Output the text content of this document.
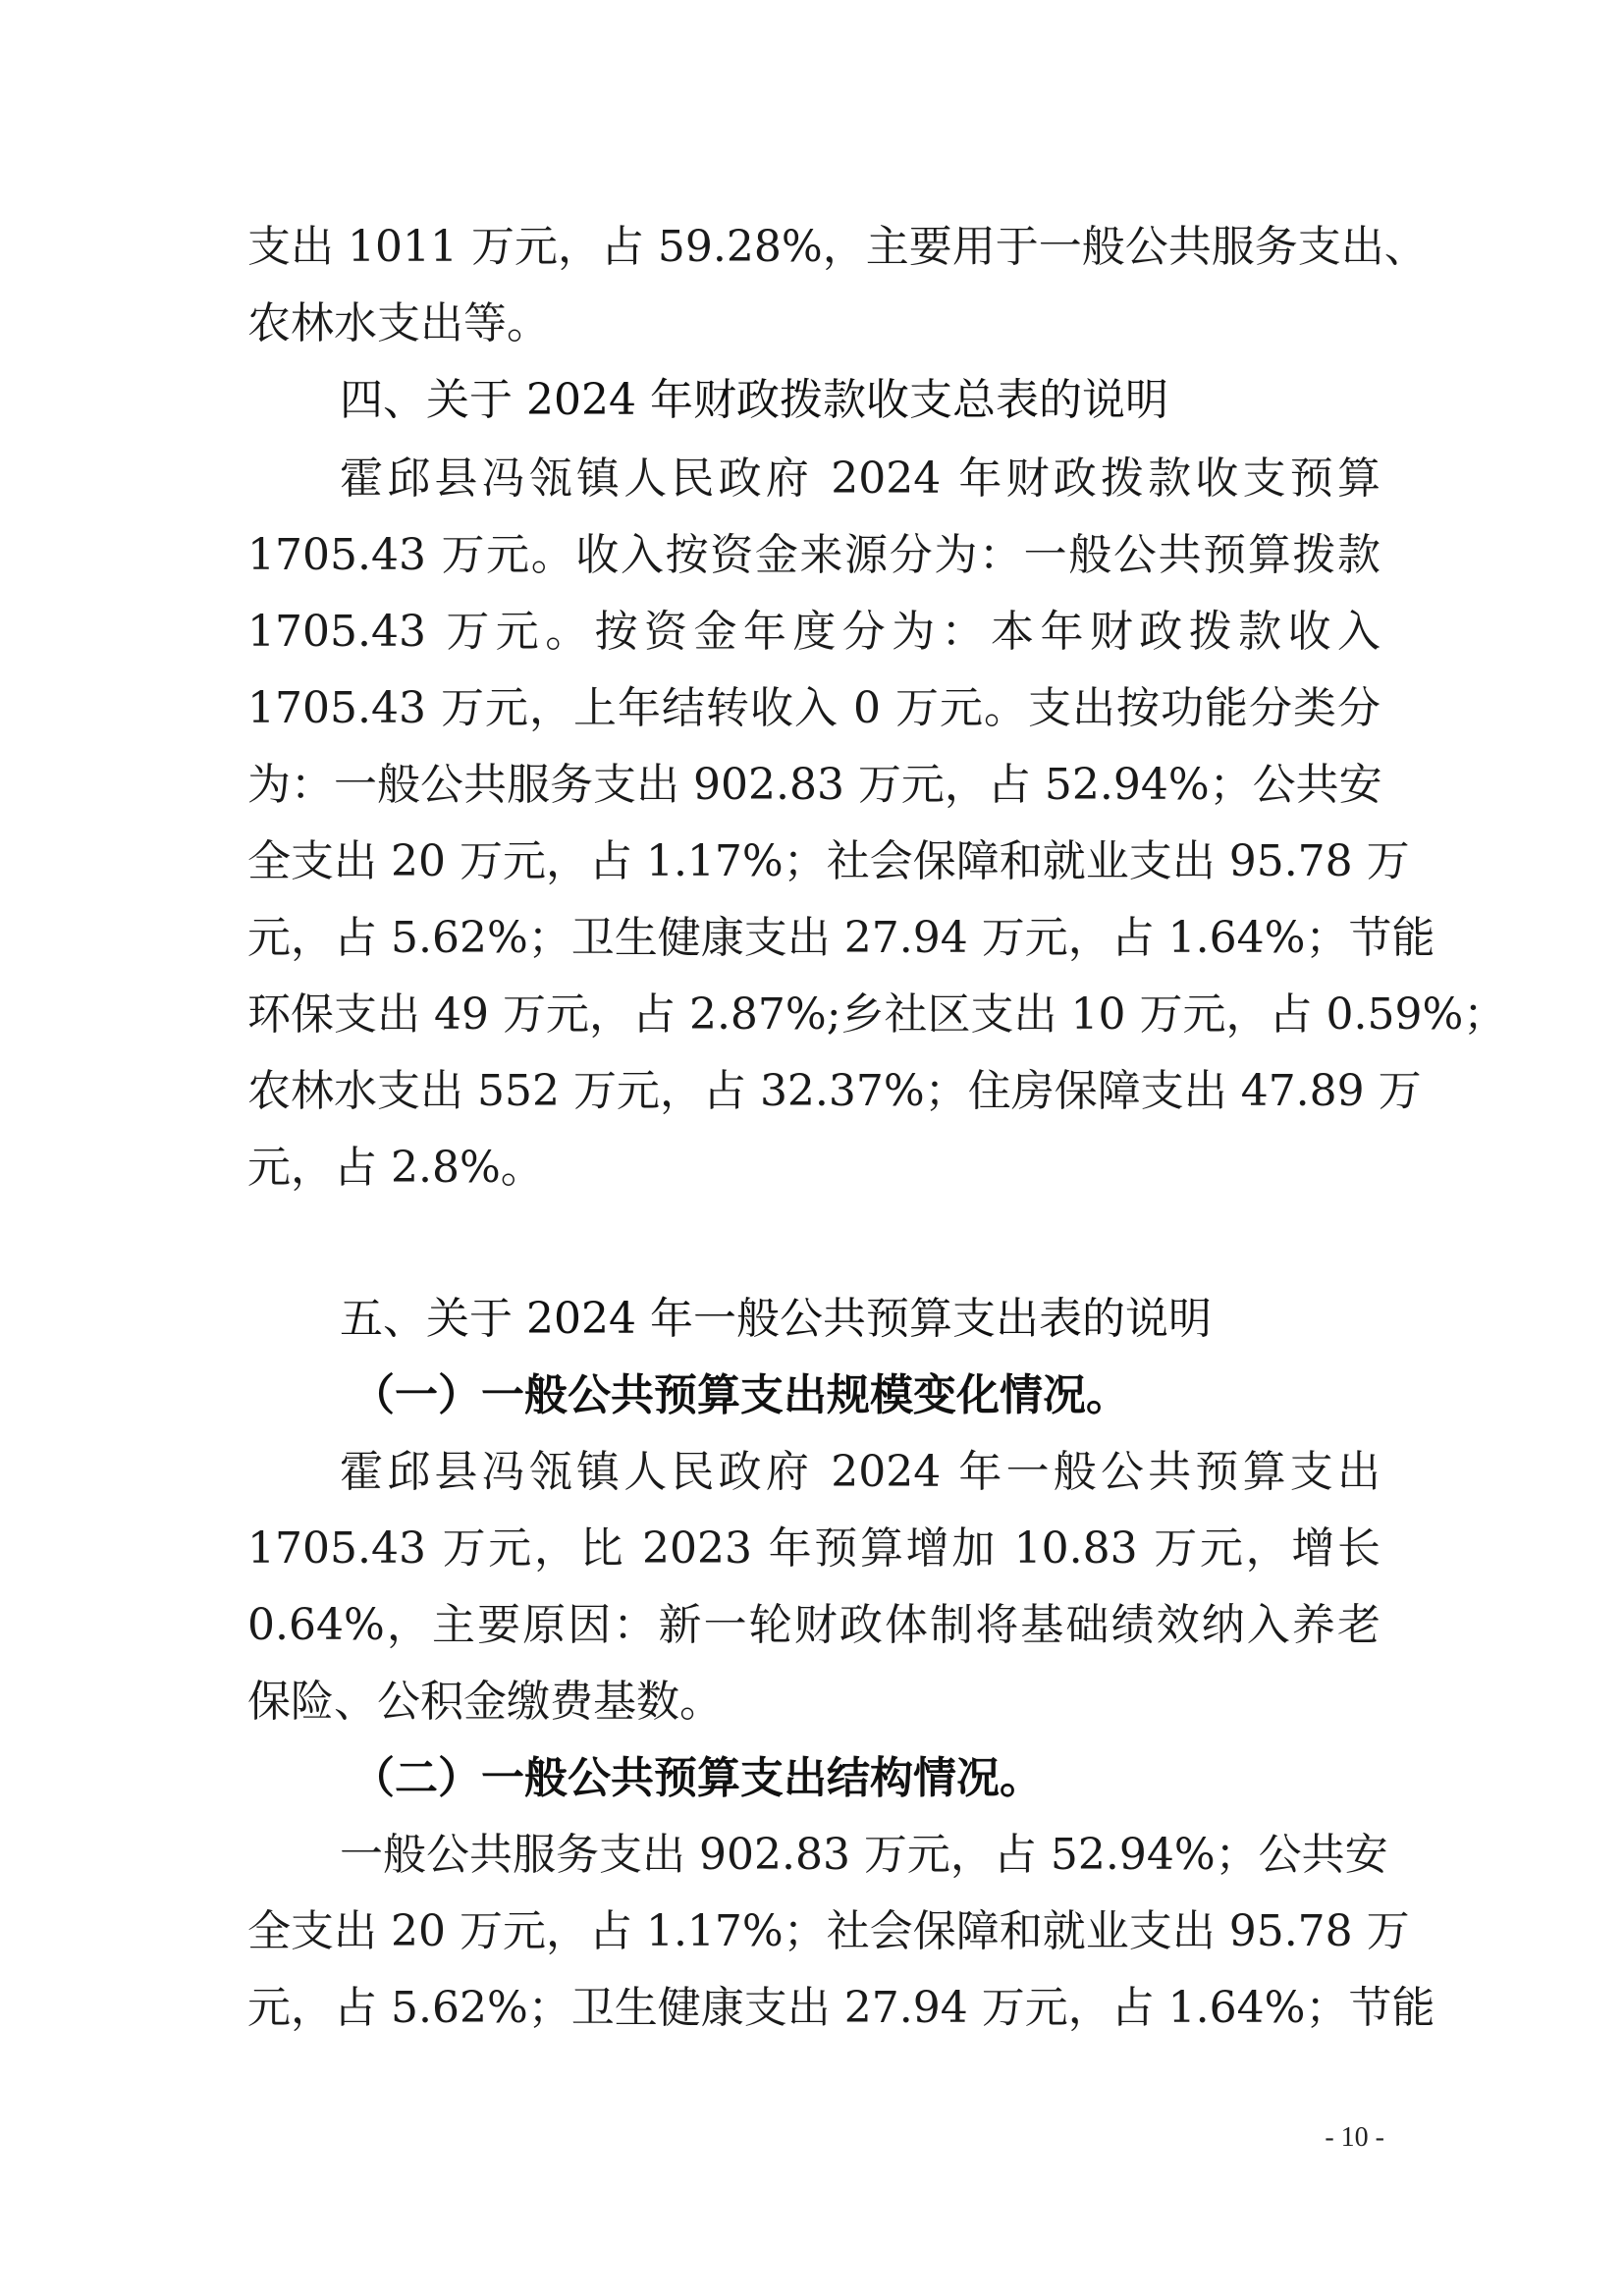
支出 1011 万元，占 59.28%，主要用于一般公共服务支出、
农林水支出等。
四、关于 2024 年财政拨款收支总表的说明
霍邱县冯瓴镇人民政府 2024 年财政拨款收支预算
1705.43 万元。收入按资金来源分为：一般公共预算拨款
1705.43 万元。按资金年度分为：本年财政拨款收入
1705.43 万元，上年结转收入 0 万元。支出按功能分类分
为：一般公共服务支出 902.83 万元，占 52.94%；公共安
全支出 20 万元，占 1.17%；社会保障和就业支出 95.78 万
元，占 5.62%；卫生健康支出 27.94 万元，占 1.64%；节能
环保支出 49 万元，占 2.87%;乡社区支出 10 万元，占 0.59%；
农林水支出 552 万元，占 32.37%；住房保障支出 47.89 万
元，占 2.8%。
五、关于 2024 年一般公共预算支出表的说明
（一）一般公共预算支出规模变化情况。
霍邱县冯瓴镇人民政府 2024 年一般公共预算支出
1705.43 万元，比 2023 年预算增加 10.83 万元，增长
0.64%，主要原因：新一轮财政体制将基础绩效纳入养老
保险、公积金缴费基数。
（二）一般公共预算支出结构情况。
一般公共服务支出 902.83 万元，占 52.94%；公共安
全支出 20 万元，占 1.17%；社会保障和就业支出 95.78 万
元，占 5.62%；卫生健康支出 27.94 万元，占 1.64%；节能
- 10 -
